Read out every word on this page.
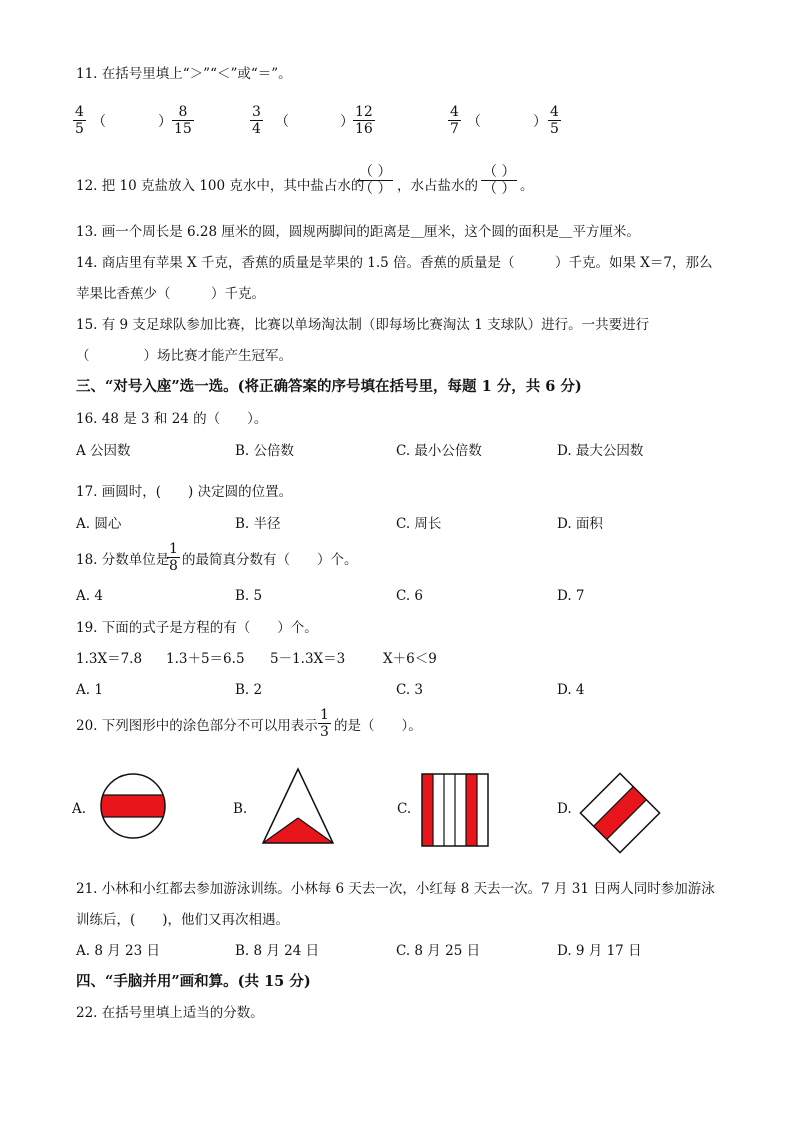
11. 在括号里填上“＞”“＜”或“＝”。
4
5 （	）
8
15
3
4 （	）
12
16
4
7 （	）
4
5
12. 把 10 克盐放入 100 克水中，其中盐占水的
（ ）
（ ） ，水占盐水的
（ ）
（ ） 。
13. 画一个周长是 6.28 厘米的圆，圆规两脚间的距离是＿厘米，这个圆的面积是＿平方厘米。
14. 商店里有苹果 X 千克，香蕉的质量是苹果的 1.5 倍。香蕉的质量是（　　　）千克。如果 X＝7，那么
苹果比香蕉少（　　　）千克。
15. 有 9 支足球队参加比赛，比赛以单场淘汰制（即每场比赛淘汰 1 支球队）进行。一共要进行
（　　　　）场比赛才能产生冠军。
三、“对号入座”选一选。(将正确答案的序号填在括号里，每题 1 分，共 6 分)
16. 48 是 3 和 24 的（　　）。
A 公因数	B. 公倍数	C. 最小公倍数	D. 最大公因数
17. 画圆时，(　　) 决定圆的位置。
A. 圆心	B. 半径	C. 周长	D. 面积
18. 分数单位是
1
8 的最简真分数有（　　）个。
A. 4	B. 5	C. 6	D. 7
19. 下面的式子是方程的有（　　）个。
1.3X＝7.8 1.3＋5＝6.5 5－1.3X＝3	X＋6＜9
A. 1	B. 2	C. 3	D. 4
20. 下列图形中的涂色部分不可以用表示
1
3 的是（　　）。
A.	B.	C.	D.
21. 小林和小红都去参加游泳训练。小林每 6 天去一次，小红每 8 天去一次。7 月 31 日两人同时参加游泳
训练后，(　　)，他们又再次相遇。
A. 8 月 23 日	B. 8 月 24 日	C. 8 月 25 日	D. 9 月 17 日
四、“手脑并用”画和算。(共 15 分)
22. 在括号里填上适当的分数。
